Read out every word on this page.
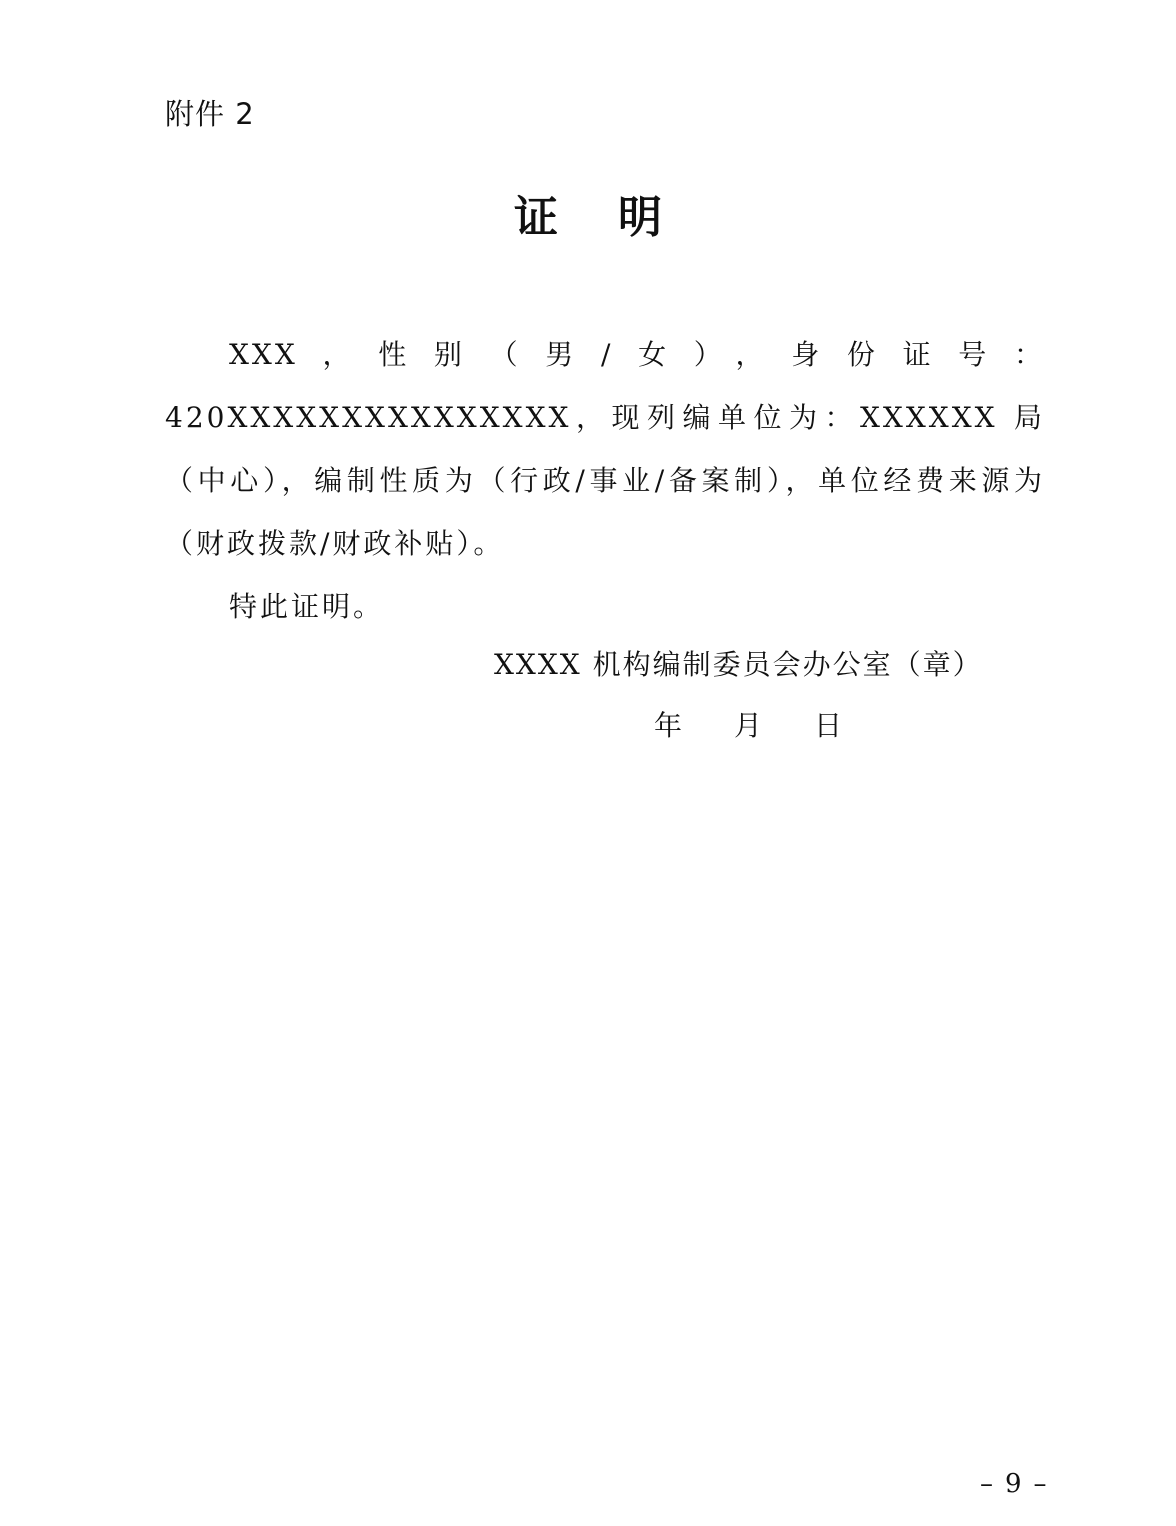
附件 2
证明

XXX，性别（男/女），身份证号：420XXXXXXXXXXXXXXX，现列编单位为：XXXXXX 局（中心），编制性质为（行政/事业/备案制），单位经费来源为（财政拨款/财政补贴）。

特此证明。

XXXX 机构编制委员会办公室（章）
年 月 日
– 9 –
